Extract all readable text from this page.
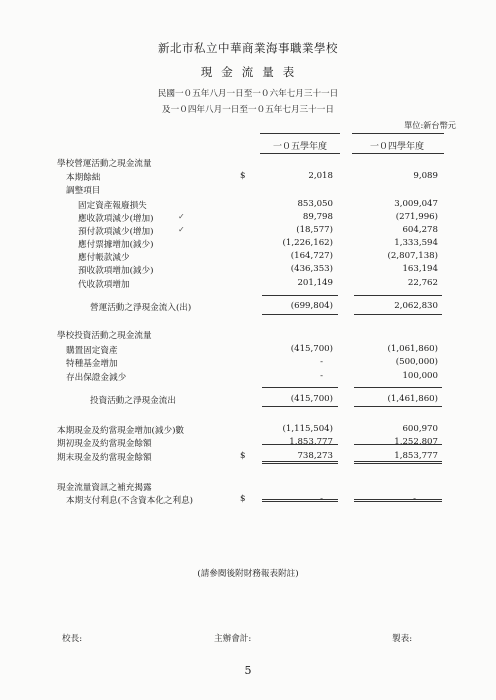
新北市私立中華商業海事職業學校
現金流量表
民國一０五年八月一日至一０六年七月三十一日
及一０四年八月一日至一０五年七月三十一日
單位:新台幣元
一０五學年度	一０四學年度
學校營運活動之現金流量
本期餘絀	$	2,018	9,089
調整項目
固定資產報廢損失	853,050	3,009,047
應收款項減少(增加)	✓	89,798	(271,996)
預付款項減少(增加)	✓	(18,577)	604,278
應付票據增加(減少)	(1,226,162)	1,333,594
應付帳款減少	(164,727)	(2,807,138)
預收款項增加(減少)	(436,353)	163,194
代收款項增加	201,149	22,762
營運活動之淨現金流入(出)	(699,804)	2,062,830
學校投資活動之現金流量
購置固定資產	(415,700)	(1,061,860)
特種基金增加	-	(500,000)
存出保證金減少	-	100,000
投資活動之淨現金流出	(415,700)	(1,461,860)
本期現金及約當現金增加(減少)數	(1,115,504)	600,970
期初現金及約當現金餘額	1,853,777	1,252,807
期末現金及約當現金餘額	$	738,273	1,853,777
現金流量資訊之補充揭露
本期支付利息(不含資本化之利息)	$	-	-
(請參閱後附財務報表附註)
校長:	主辦會計:	製表:
5
